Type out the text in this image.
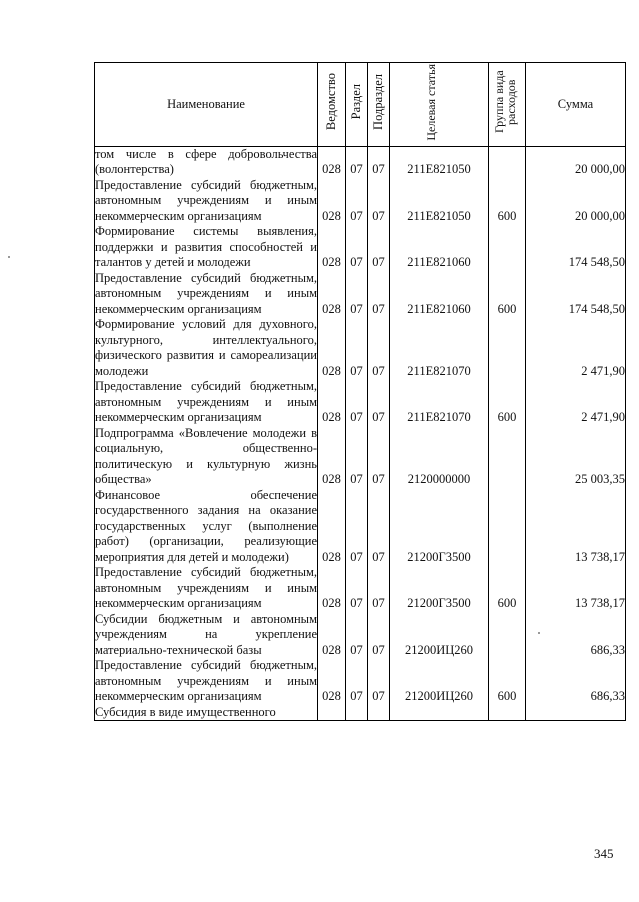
Наименование	Ведомство	Раздел	Подраздел	Целевая статья	Группа вида расходов	Сумма

том числе в сфере добровольчества (волонтерства)	028	07	07	211E821050		20 000,00

Предоставление субсидий бюджетным, автономным учреждениям и иным некоммерческим организациям	028	07	07	211E821050	600	20 000,00

Формирование системы выявления, поддержки и развития способностей и талантов у детей и молодежи	028	07	07	211E821060		174 548,50

Предоставление субсидий бюджетным, автономным учреждениям и иным некоммерческим организациям	028	07	07	211E821060	600	174 548,50

Формирование условий для духовного, культурного, интеллектуального, физического развития и самореализации молодежи	028	07	07	211E821070		2 471,90

Предоставление субсидий бюджетным, автономным учреждениям и иным некоммерческим организациям	028	07	07	211E821070	600	2 471,90

Подпрограмма «Вовлечение молодежи в социальную, общественно-политическую и культурную жизнь общества»	028	07	07	2120000000		25 003,35

Финансовое обеспечение государственного задания на оказание государственных услуг (выполнение работ) (организации, реализующие мероприятия для детей и молодежи)	028	07	07	21200Г3500		13 738,17

Предоставление субсидий бюджетным, автономным учреждениям и иным некоммерческим организациям	028	07	07	21200Г3500	600	13 738,17

Субсидии бюджетным и автономным учреждениям на укрепление материально-технической базы	028	07	07	21200ИЦ260		686,33

Предоставление субсидий бюджетным, автономным учреждениям и иным некоммерческим организациям	028	07	07	21200ИЦ260	600	686,33

Субсидия в виде имущественного						

345
